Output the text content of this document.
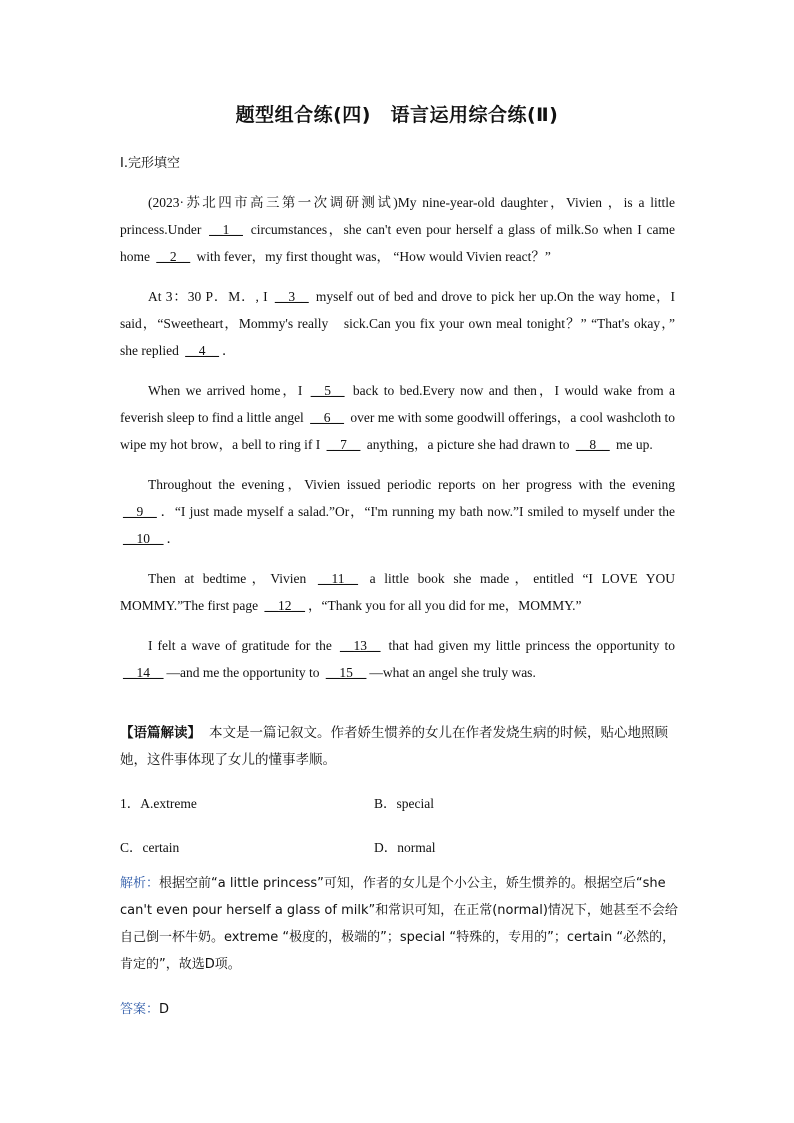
题型组合练(四)　语言运用综合练(Ⅱ)
Ⅰ.完形填空

(2023·苏北四市高三第一次调研测试)My nine-year-old daughter，Vivien ，is a little princess.Under __1__ circumstances，she can't even pour herself a glass of milk.So when I came home __2__ with fever，my first thought was， “How would Vivien react？”

At 3：30 P．M．, I __3__ myself out of bed and drove to pick her up.On the way home，I said，“Sweetheart，Mommy's really　sick.Can you fix your own meal tonight？” “That's okay，” she replied __4__ ．

When we arrived home，I __5__ back to bed.Every now and then，I would wake from a feverish sleep to find a little angel __6__ over me with some goodwill offerings，a cool washcloth to wipe my hot brow，a bell to ring if I __7__ anything，a picture she had drawn to __8__ me up.

Throughout the evening，Vivien issued periodic reports on her progress with the evening __9__ ．“I just made myself a salad.”Or，“I'm running my bath now.”I smiled to myself under the __10__ ．

Then at bedtime，Vivien __11__ a little book she made，entitled “I LOVE YOU MOMMY.”The first page __12__ ，“Thank you for all you did for me，MOMMY.”

I felt a wave of gratitude for the __13__ that had given my little princess the opportunity to __14__ —and me the opportunity to __15__ —what an angel she truly was.

【语篇解读】 本文是一篇记叙文。作者娇生惯养的女儿在作者发烧生病的时候，贴心地照顾她，这件事体现了女儿的懂事孝顺。
1．A.extreme	B．special
C．certain	D．normal
解析：根据空前“a little princess”可知，作者的女儿是个小公主，娇生惯养的。根据空后“she can't even pour herself a glass of milk”和常识可知，在正常(normal)情况下，她甚至不会给自己倒一杯牛奶。extreme “极度的，极端的”；special “特殊的，专用的”；certain “必然的，肯定的”，故选D项。
答案：D
